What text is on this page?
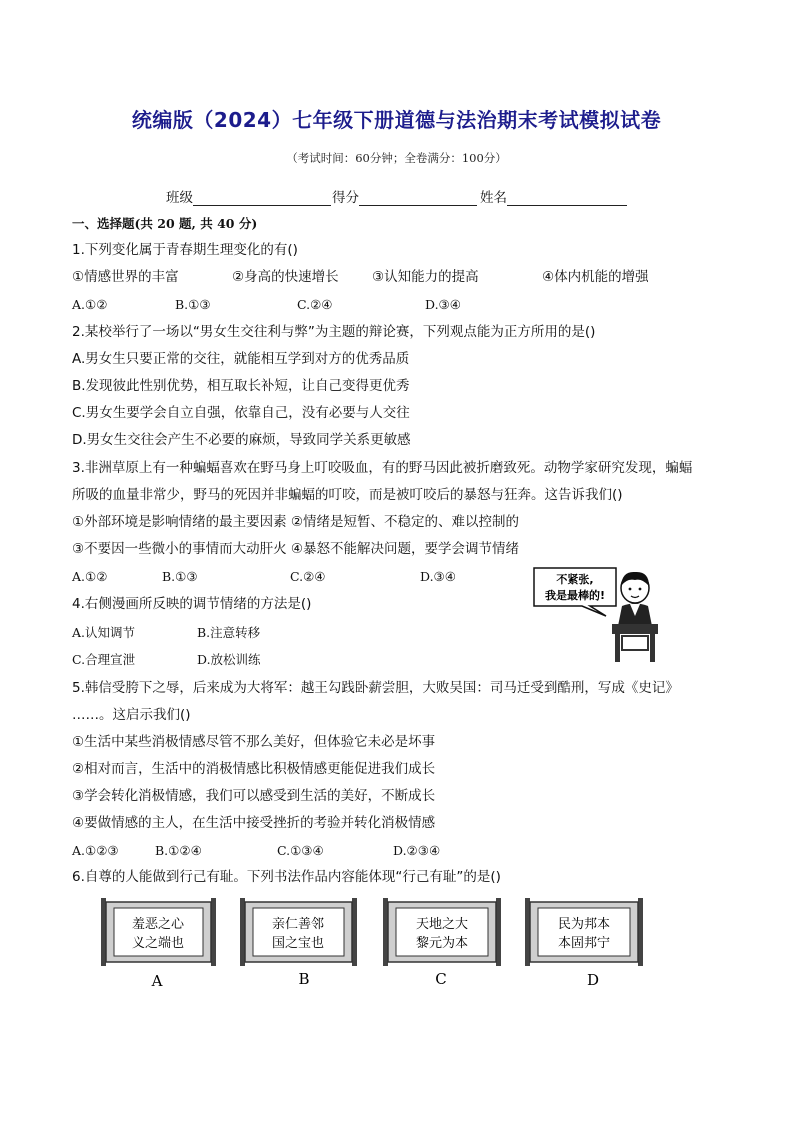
统编版（2024）七年级下册道德与法治期末考试模拟试卷
（考试时间：60分钟；全卷满分：100分）
班级	得分	姓名
一、选择题(共 20 题, 共 40 分)
1.下列变化属于青春期生理变化的有()
①情感世界的丰富	②身高的快速增长 ③认知能力的提高	④体内机能的增强
A.①②	B.①③	C.②④	D.③④
2.某校举行了一场以“男女生交往利与弊”为主题的辩论赛，下列观点能为正方所用的是()
A.男女生只要正常的交往，就能相互学到对方的优秀品质
B.发现彼此性别优势，相互取长补短，让自己变得更优秀
C.男女生要学会自立自强，依靠自己，没有必要与人交往
D.男女生交往会产生不必要的麻烦，导致同学关系更敏感
3.非洲草原上有一种蝙蝠喜欢在野马身上叮咬吸血，有的野马因此被折磨致死。动物学家研究发现，蝙蝠
所吸的血量非常少，野马的死因并非蝙蝠的叮咬，而是被叮咬后的暴怒与狂奔。这告诉我们()
①外部环境是影响情绪的最主要因素 ②情绪是短暂、不稳定的、难以控制的
③不要因一些微小的事情而大动肝火 ④暴怒不能解决问题，要学会调节情绪
A.①②	B.①③	C.②④	D.③④
4.右侧漫画所反映的调节情绪的方法是()
A.认知调节	B.注意转移
C.合理宣泄	D.放松训练
不紧张,
我是最棒的!
5.韩信受胯下之辱，后来成为大将军：越王勾践卧薪尝胆，大败吴国：司马迁受到酷刑，写成《史记》
……。这启示我们()
①生活中某些消极情感尽管不那么美好，但体验它未必是坏事
②相对而言，生活中的消极情感比积极情感更能促进我们成长
③学会转化消极情感，我们可以感受到生活的美好，不断成长
④要做情感的主人，在生活中接受挫折的考验并转化消极情感
A.①②③	B.①②④	C.①③④	D.②③④
6.自尊的人能做到行己有耻。下列书法作品内容能体现“行己有耻”的是()
羞恶之心
义之端也
A
亲仁善邻
国之宝也
B
天地之大
黎元为本
C
民为邦本
本固邦宁
D
